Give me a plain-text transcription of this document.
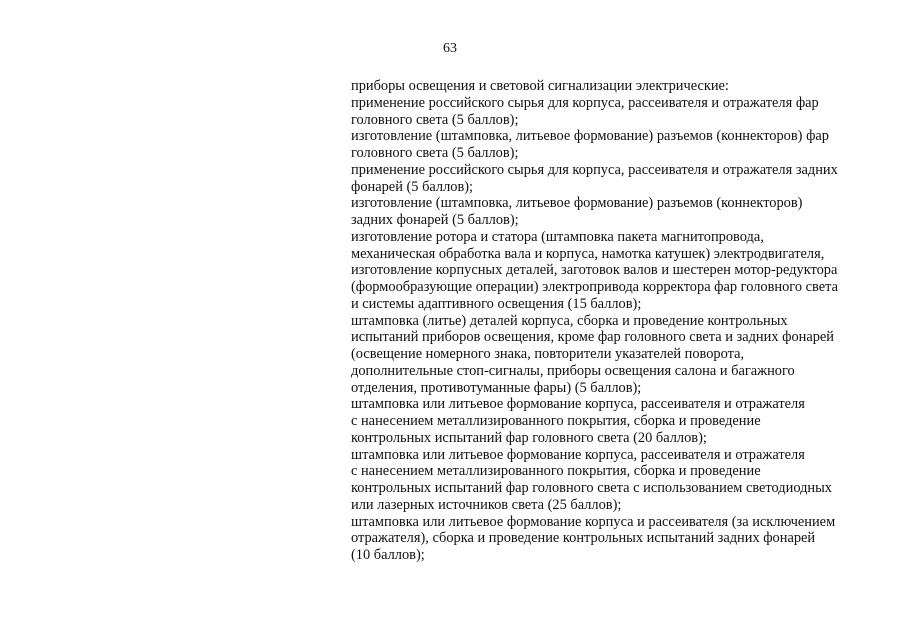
63
приборы освещения и световой сигнализации электрические:
применение российского сырья для корпуса, рассеивателя и отражателя фар
головного света (5 баллов);
изготовление (штамповка, литьевое формование) разъемов (коннекторов) фар
головного света (5 баллов);
применение российского сырья для корпуса, рассеивателя и отражателя задних
фонарей (5 баллов);
изготовление (штамповка, литьевое формование) разъемов (коннекторов)
задних фонарей (5 баллов);
изготовление ротора и статора (штамповка пакета магнитопровода,
механическая обработка вала и корпуса, намотка катушек) электродвигателя,
изготовление корпусных деталей, заготовок валов и шестерен мотор-редуктора
(формообразующие операции) электропривода корректора фар головного света
и системы адаптивного освещения (15 баллов);
штамповка (литье) деталей корпуса, сборка и проведение контрольных
испытаний приборов освещения, кроме фар головного света и задних фонарей
(освещение номерного знака, повторители указателей поворота,
дополнительные стоп-сигналы, приборы освещения салона и багажного
отделения, противотуманные фары) (5 баллов);
штамповка или литьевое формование корпуса, рассеивателя и отражателя
с нанесением металлизированного покрытия, сборка и проведение
контрольных испытаний фар головного света (20 баллов);
штамповка или литьевое формование корпуса, рассеивателя и отражателя
с нанесением металлизированного покрытия, сборка и проведение
контрольных испытаний фар головного света с использованием светодиодных
или лазерных источников света (25 баллов);
штамповка или литьевое формование корпуса и рассеивателя (за исключением
отражателя), сборка и проведение контрольных испытаний задних фонарей
(10 баллов);
